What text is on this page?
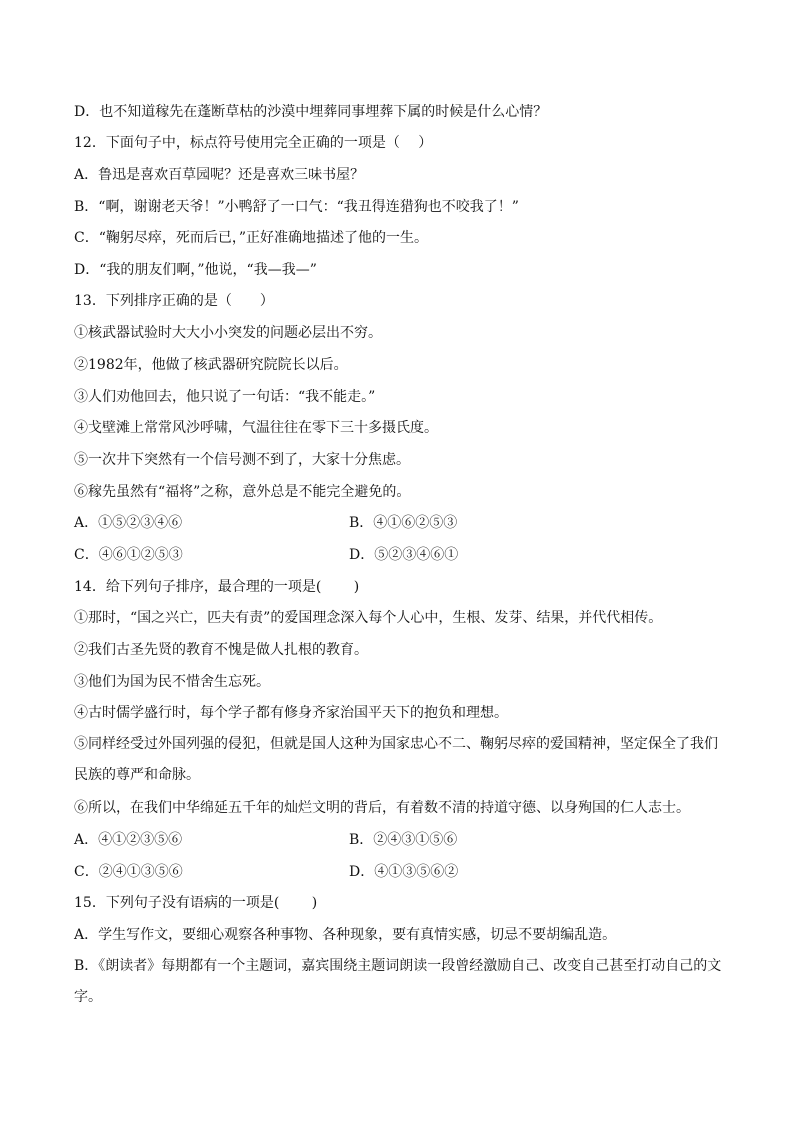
D．也不知道稼先在蓬断草枯的沙漠中埋葬同事埋葬下属的时候是什么心情？
12．下面句子中，标点符号使用完全正确的一项是（　 ）
A．鲁迅是喜欢百草园呢？还是喜欢三味书屋？
B．“啊，谢谢老天爷！”小鸭舒了一口气：“我丑得连猎狗也不咬我了！”
C．“鞠躬尽瘁，死而后已，”正好准确地描述了他的一生。
D．“我的朋友们啊，”他说，“我—我—”
13．下列排序正确的是（　　）
①核武器试验时大大小小突发的问题必层出不穷。
②1982年，他做了核武器研究院院长以后。
③人们劝他回去，他只说了一句话：“我不能走。”
④戈壁滩上常常风沙呼啸，气温往往在零下三十多摄氏度。
⑤一次井下突然有一个信号测不到了，大家十分焦虑。
⑥稼先虽然有“福将”之称，意外总是不能完全避免的。
A．①⑤②③④⑥	B．④①⑥②⑤③
C．④⑥①②⑤③	D．⑤②③④⑥①
14．给下列句子排序，最合理的一项是(　　 )
①那时，“国之兴亡，匹夫有责”的爱国理念深入每个人心中，生根、发芽、结果，并代代相传。
②我们古圣先贤的教育不愧是做人扎根的教育。
③他们为国为民不惜舍生忘死。
④古时儒学盛行时，每个学子都有修身齐家治国平天下的抱负和理想。
⑤同样经受过外国列强的侵犯，但就是国人这种为国家忠心不二、鞠躬尽瘁的爱国精神，坚定保全了我们民族的尊严和命脉。
⑥所以，在我们中华绵延五千年的灿烂文明的背后，有着数不清的持道守德、以身殉国的仁人志士。
A．④①②③⑤⑥	B．②④③①⑤⑥
C．②④①③⑤⑥	D．④①③⑤⑥②
15．下列句子没有语病的一项是(　　 )
A．学生写作文，要细心观察各种事物、各种现象，要有真情实感，切忌不要胡编乱造。
B．《朗读者》每期都有一个主题词，嘉宾围绕主题词朗读一段曾经激励自己、改变自己甚至打动自己的文字。
